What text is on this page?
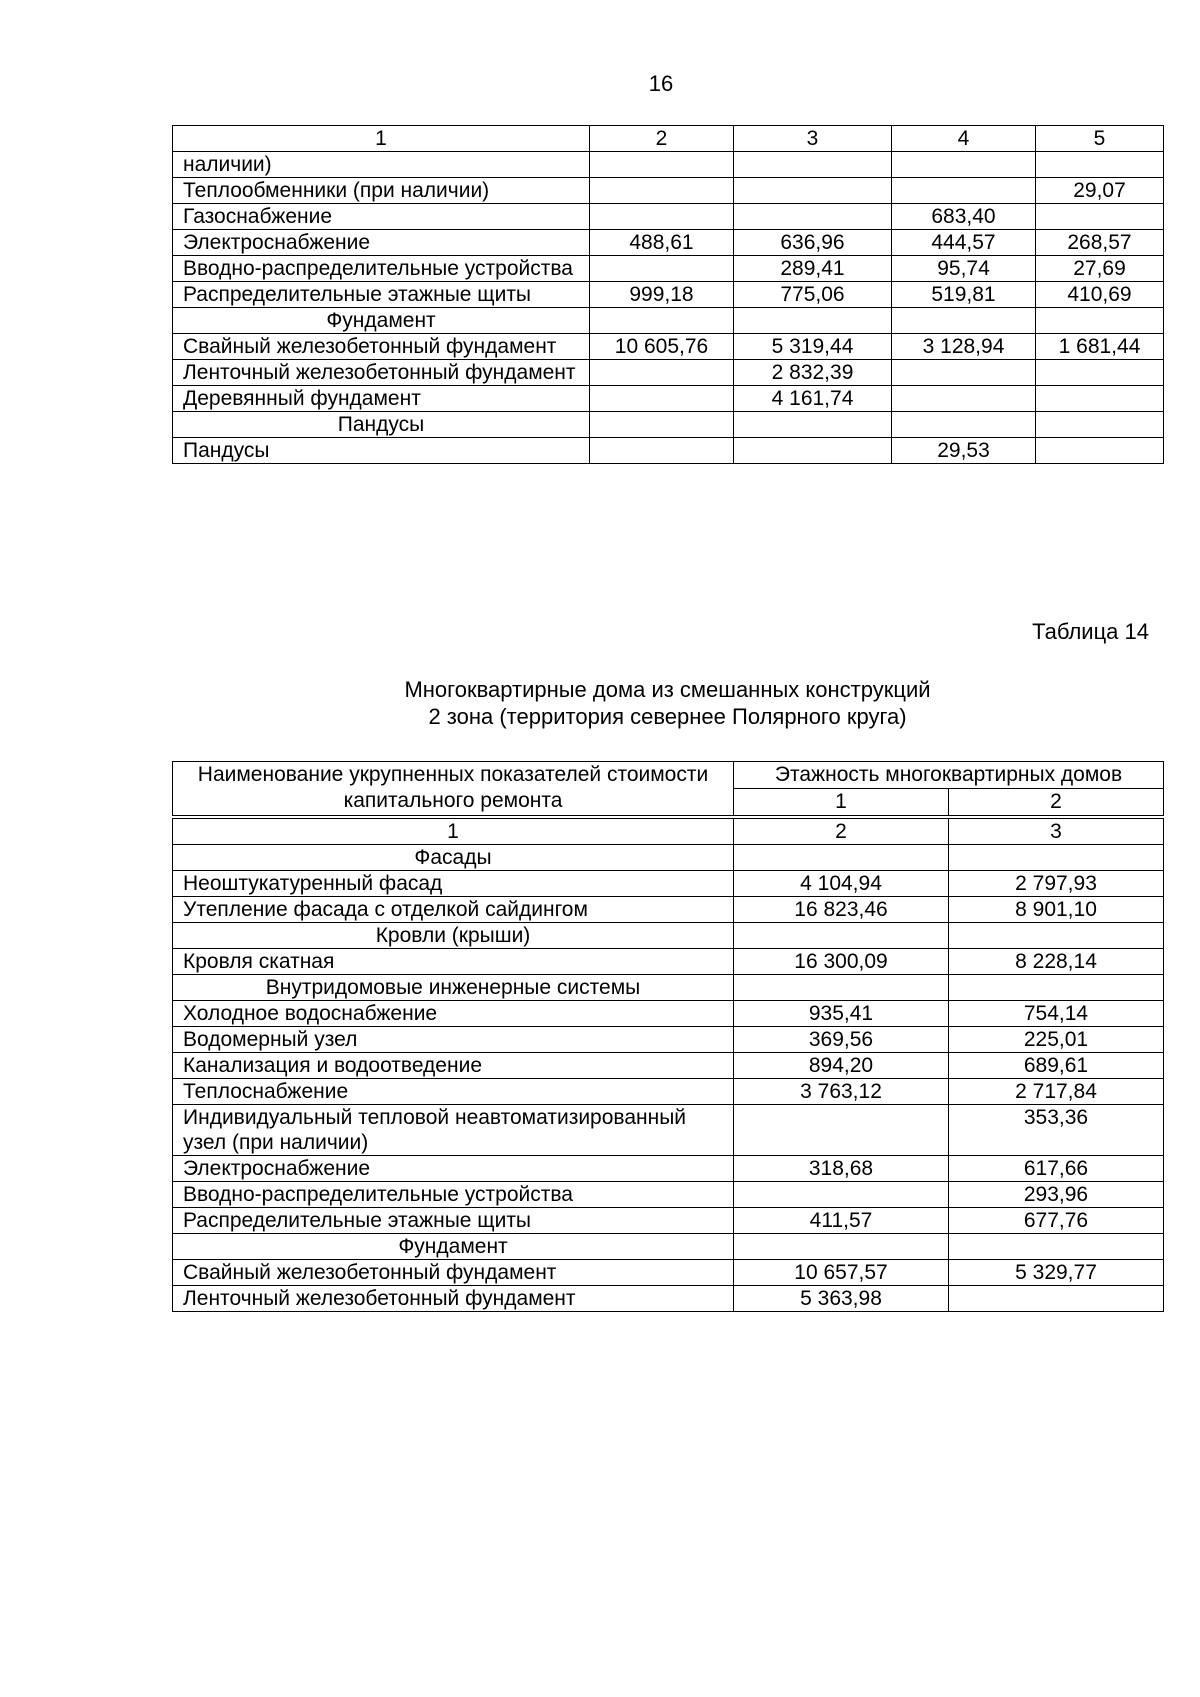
16
1	2	3	4	5
наличии)				
Теплообменники (при наличии)				29,07
Газоснабжение			683,40	
Электроснабжение	488,61	636,96	444,57	268,57
Вводно-распределительные устройства		289,41	95,74	27,69
Распределительные этажные щиты	999,18	775,06	519,81	410,69
Фундамент				
Свайный железобетонный фундамент	10 605,76	5 319,44	3 128,94	1 681,44
Ленточный железобетонный фундамент		2 832,39		
Деревянный фундамент		4 161,74		
Пандусы				
Пандусы			29,53	
Таблица 14
Многоквартирные дома из смешанных конструкций
2 зона (территория севернее Полярного круга)
Наименование укрупненных показателей стоимости капитального ремонта	Этажность многоквартирных домов	
	1	2
1	2	3
Фасады		
Неоштукатуренный фасад	4 104,94	2 797,93
Утепление фасада с отделкой сайдингом	16 823,46	8 901,10
Кровли (крыши)		
Кровля скатная	16 300,09	8 228,14
Внутридомовые инженерные системы		
Холодное водоснабжение	935,41	754,14
Водомерный узел	369,56	225,01
Канализация и водоотведение	894,20	689,61
Теплоснабжение	3 763,12	2 717,84
Индивидуальный тепловой неавтоматизированный узел (при наличии)		353,36
Электроснабжение	318,68	617,66
Вводно-распределительные устройства		293,96
Распределительные этажные щиты	411,57	677,76
Фундамент		
Свайный железобетонный фундамент	10 657,57	5 329,77
Ленточный железобетонный фундамент	5 363,98	
